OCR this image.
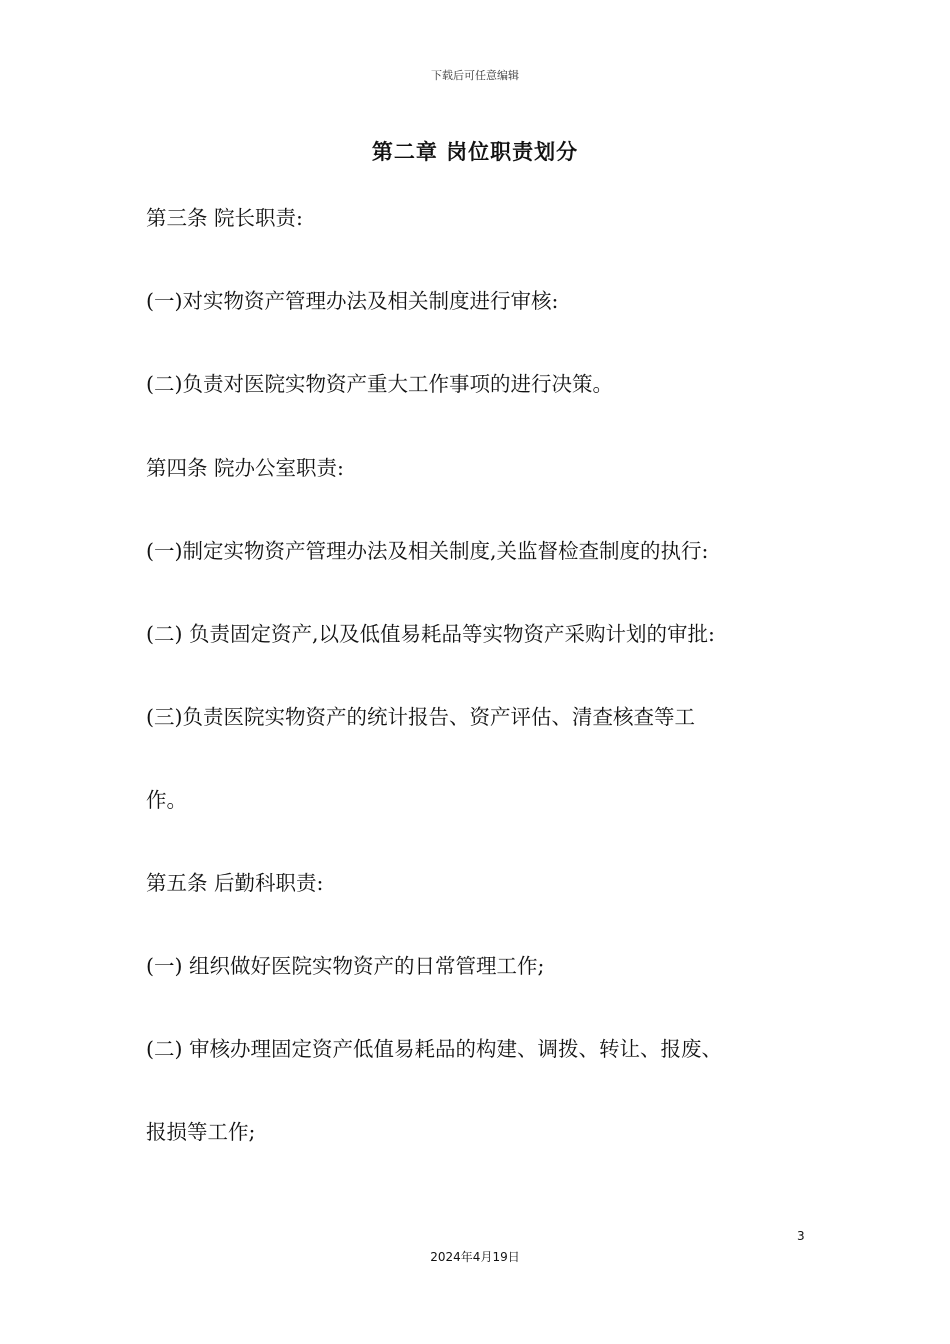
下载后可任意编辑
第二章 岗位职责划分
第三条 院长职责:
(一)对实物资产管理办法及相关制度进行审核:
(二)负责对医院实物资产重大工作事项的进行决策。
第四条 院办公室职责:
(一)制定实物资产管理办法及相关制度,关监督检查制度的执行:
(二) 负责固定资产,以及低值易耗品等实物资产采购计划的审批:
(三)负责医院实物资产的统计报告、资产评估、清查核查等工
作。
第五条 后勤科职责:
(一) 组织做好医院实物资产的日常管理工作;
(二) 审核办理固定资产低值易耗品的构建、调拨、转让、报废、
报损等工作;
3
2024年4月19日
